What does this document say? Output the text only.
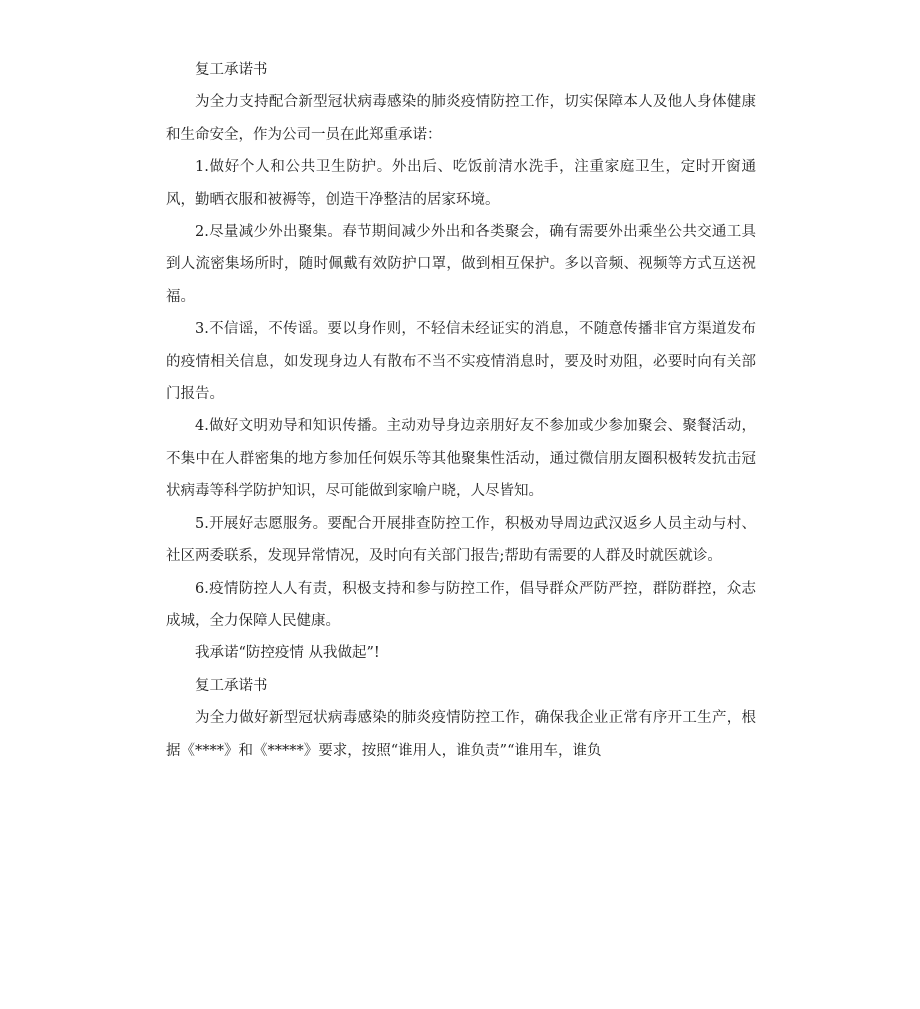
复工承诺书

为全力支持配合新型冠状病毒感染的肺炎疫情防控工作，切实保障本人及他人身体健康和生命安全，作为公司一员在此郑重承诺：

1.做好个人和公共卫生防护。外出后、吃饭前清水洗手，注重家庭卫生，定时开窗通风，勤晒衣服和被褥等，创造干净整洁的居家环境。

2.尽量减少外出聚集。春节期间减少外出和各类聚会，确有需要外出乘坐公共交通工具到人流密集场所时，随时佩戴有效防护口罩，做到相互保护。多以音频、视频等方式互送祝福。

3.不信谣，不传谣。要以身作则，不轻信未经证实的消息，不随意传播非官方渠道发布的疫情相关信息，如发现身边人有散布不当不实疫情消息时，要及时劝阻，必要时向有关部门报告。

4.做好文明劝导和知识传播。主动劝导身边亲朋好友不参加或少参加聚会、聚餐活动，不集中在人群密集的地方参加任何娱乐等其他聚集性活动，通过微信朋友圈积极转发抗击冠状病毒等科学防护知识，尽可能做到家喻户晓，人尽皆知。

5.开展好志愿服务。要配合开展排查防控工作，积极劝导周边武汉返乡人员主动与村、社区两委联系，发现异常情况，及时向有关部门报告;帮助有需要的人群及时就医就诊。

6.疫情防控人人有责，积极支持和参与防控工作，倡导群众严防严控，群防群控，众志成城，全力保障人民健康。

我承诺“防控疫情 从我做起”!

复工承诺书

为全力做好新型冠状病毒感染的肺炎疫情防控工作，确保我企业正常有序开工生产，根据《****》和《*****》要求，按照“谁用人，谁负责”“谁用车，谁负
